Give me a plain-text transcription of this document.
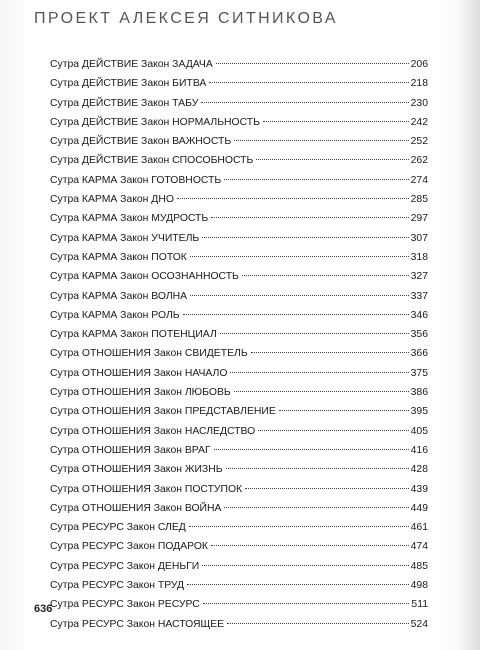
ПРОЕКТ АЛЕКСЕЯ СИТНИКОВА
Сутра ДЕЙСТВИЕ Закон ЗАДАЧА	206
Сутра ДЕЙСТВИЕ Закон БИТВА	218
Сутра ДЕЙСТВИЕ Закон ТАБУ	230
Сутра ДЕЙСТВИЕ Закон НОРМАЛЬНОСТЬ	242
Сутра ДЕЙСТВИЕ Закон ВАЖНОСТЬ	252
Сутра ДЕЙСТВИЕ Закон СПОСОБНОСТЬ	262
Сутра КАРМА Закон ГОТОВНОСТЬ	274
Сутра КАРМА Закон ДНО	285
Сутра КАРМА Закон МУДРОСТЬ	297
Сутра КАРМА Закон УЧИТЕЛЬ	307
Сутра КАРМА Закон ПОТОК	318
Сутра КАРМА Закон ОСОЗНАННОСТЬ	327
Сутра КАРМА Закон ВОЛНА	337
Сутра КАРМА Закон РОЛЬ	346
Сутра КАРМА Закон ПОТЕНЦИАЛ	356
Сутра ОТНОШЕНИЯ Закон СВИДЕТЕЛЬ	366
Сутра ОТНОШЕНИЯ Закон НАЧАЛО	375
Сутра ОТНОШЕНИЯ Закон ЛЮБОВЬ	386
Сутра ОТНОШЕНИЯ Закон ПРЕДСТАВЛЕНИЕ	395
Сутра ОТНОШЕНИЯ Закон НАСЛЕДСТВО	405
Сутра ОТНОШЕНИЯ Закон ВРАГ	416
Сутра ОТНОШЕНИЯ Закон ЖИЗНЬ	428
Сутра ОТНОШЕНИЯ Закон ПОСТУПОК	439
Сутра ОТНОШЕНИЯ Закон ВОЙНА	449
Сутра РЕСУРС Закон СЛЕД	461
Сутра РЕСУРС Закон ПОДАРОК	474
Сутра РЕСУРС Закон ДЕНЬГИ	485
Сутра РЕСУРС Закон ТРУД	498
Сутра РЕСУРС Закон РЕСУРС	511
Сутра РЕСУРС Закон НАСТОЯЩЕЕ	524
636
